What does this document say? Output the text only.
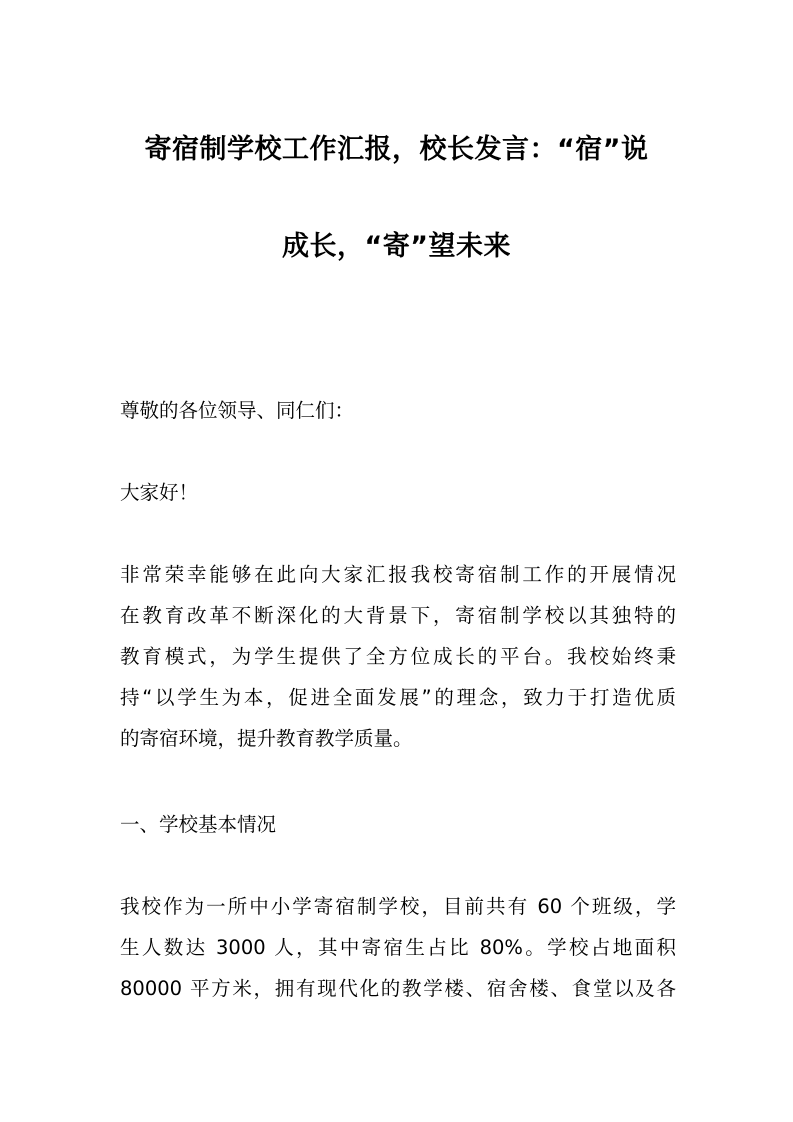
寄宿制学校工作汇报，校长发言：“宿”说
成长，“寄”望未来

尊敬的各位领导、同仁们：

大家好！

非常荣幸能够在此向大家汇报我校寄宿制工作的开展情况
在教育改革不断深化的大背景下，寄宿制学校以其独特的
教育模式，为学生提供了全方位成长的平台。我校始终秉
持“以学生为本，促进全面发展”的理念，致力于打造优质
的寄宿环境，提升教育教学质量。

一、学校基本情况

我校作为一所中小学寄宿制学校，目前共有 60 个班级，学
生人数达 3000 人，其中寄宿生占比 80%。学校占地面积
80000 平方米，拥有现代化的教学楼、宿舍楼、食堂以及各
